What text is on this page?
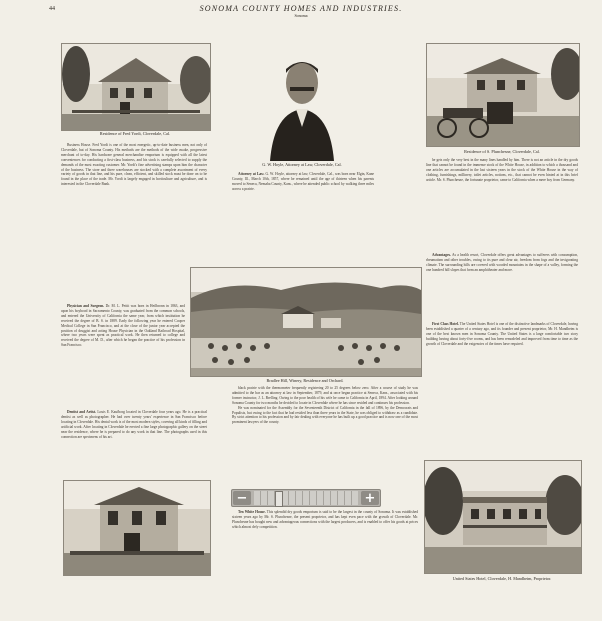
44	SONOMA COUNTY HOMES AND INDUSTRIES.
Sonoma
Residence of Fred Yordi, Cloverdale, Cal.
G. W. Hoyle, Attorney at Law, Cloverdale, Cal.
Residence of S. Plunchesne, Cloverdale, Cal.

Business House. Fred Yordi is one of the most energetic, up-to-date business men, not only of Cloverdale, but of Sonoma County. His methods are the methods of the wide awake, progressive merchant of to-day. His hardware general merchandise emporium is equipped with all the latest conveniences for conducting a first-class business, and his stock is carefully selected to supply the demands of the most exacting customer. Mr. Yordi's fine advertising stamps upon him the character of the business. The store and three warehouses are stocked with a complete assortment of every variety of goods in that line, and his pure, clean, efficient, and skilled stock must be done on to be found in the place of the trade. Mr. Yordi is largely engaged in horticulture and agriculture, and is interested in the Cloverdale Bank.

Physician and Surgeon. Dr. M. L. Pettit was born in Heilbronn in 1863, and upon his boyhood in Sacramento County, was graduated from the common schools, and entered the University of California the same year, from which institution he received the degree of B. S. in 1889. Early the following year he entered Cooper Medical College in San Francisco, and at the close of the junior year accepted the position of druggist and acting House Physician in the Oakland Railroad Hospital, where two years were spent as practical work. He then returned to college and received the degree of M. D., after which he began the practice of his profession in San Francisco.

Dentist and Artist. Louis E. Kaufborg located in Cloverdale four years ago. He is a practical dentist as well as photographer. He had over twenty years' experience in San Francisco before locating in Cloverdale. His dental work is of the most modern styles, covering all kinds of filling and artificial work. After locating in Cloverdale he erected a fine large photographic gallery on the street near the residence, where he is prepared to do any work in that line. The photographs used in this connection are specimens of his art.

Attorney at Law. G. W. Hoyle, attorney at law, Cloverdale, Cal., was born near Elgin, Kane County, Ill., March 10th, 1857, where he remained until the age of thirteen when his parents moved to Seneca, Nemaha County, Kans., where he attended public school by walking three miles across a prairie.

he gets only the very best in the many lines handled by him. There is not an article in the dry goods line that cannot be found in the immense stock of the White House, in addition to which a thousand and one articles are accumulated in the last sixteen years in the stock of the White House in the way of clothing, furnishings, millinery, toilet articles, notions, etc., that cannot be even hinted at in this brief article. Mr. S. Plunchesne, the fortunate proprietor, came to California when a mere boy from Germany.

Advantages. As a health resort, Cloverdale offers great advantages to sufferers with consumption, rheumatism and other troubles, owing to its pure and clear air, freedom from fogs and the invigorating climate. The surrounding hills are covered with wooded mountains in the shape of a valley, forming the one hundred hill slopes that form an amphitheater and more.

First Class Hotel. The United States Hotel is one of the distinctive landmarks of Cloverdale, having been established a quarter of a century ago, and its founder and present proprietor, Mr. H. Mandheim is one of the best known men in Sonoma County. The United States is a large comfortable two story building having about forty-five rooms, and has been remodeled and improved from time to time as the growth of Cloverdale and the exigencies of the times have required.

Bradlee Hill, Winery, Residence and Orchard.

black prairie with the thermometer frequently registering 20 to 25 degrees below zero. After a course of study he was admitted to the bar as an attorney at law in September, 1879, and at once began practice at Seneca, Kans., associated with his former instructor, J. L. Brelling. Owing to the poor health of his wife he came to California in April, 1894. After looking around Sonoma County for two months he decided to locate in Cloverdale where he has since resided and continues his profession.

He was nominated for the Assembly for the Seventeenth District of California in the fall of 1896, by the Democrats and Populists, but owing to the fact that he had resided less than three years in the State, he was obliged to withdraw as a candidate. By strict attention to his profession and by fair dealing with everyone he has built up a good practice and is now one of the most prominent lawyers of the county.

−	+

Ten White House. This splendid dry goods emporium is said to be the largest in the county of Sonoma. It was established sixteen years ago by Mr. S. Plunchesne, the present proprietor, and has kept even pace with the growth of Cloverdale. Mr. Plunchesne has bought new and advantageous connections with the largest producers, and is enabled to offer his goods at prices which almost defy competition.

United States Hotel, Cloverdale, H. Mandheim, Proprietor.
